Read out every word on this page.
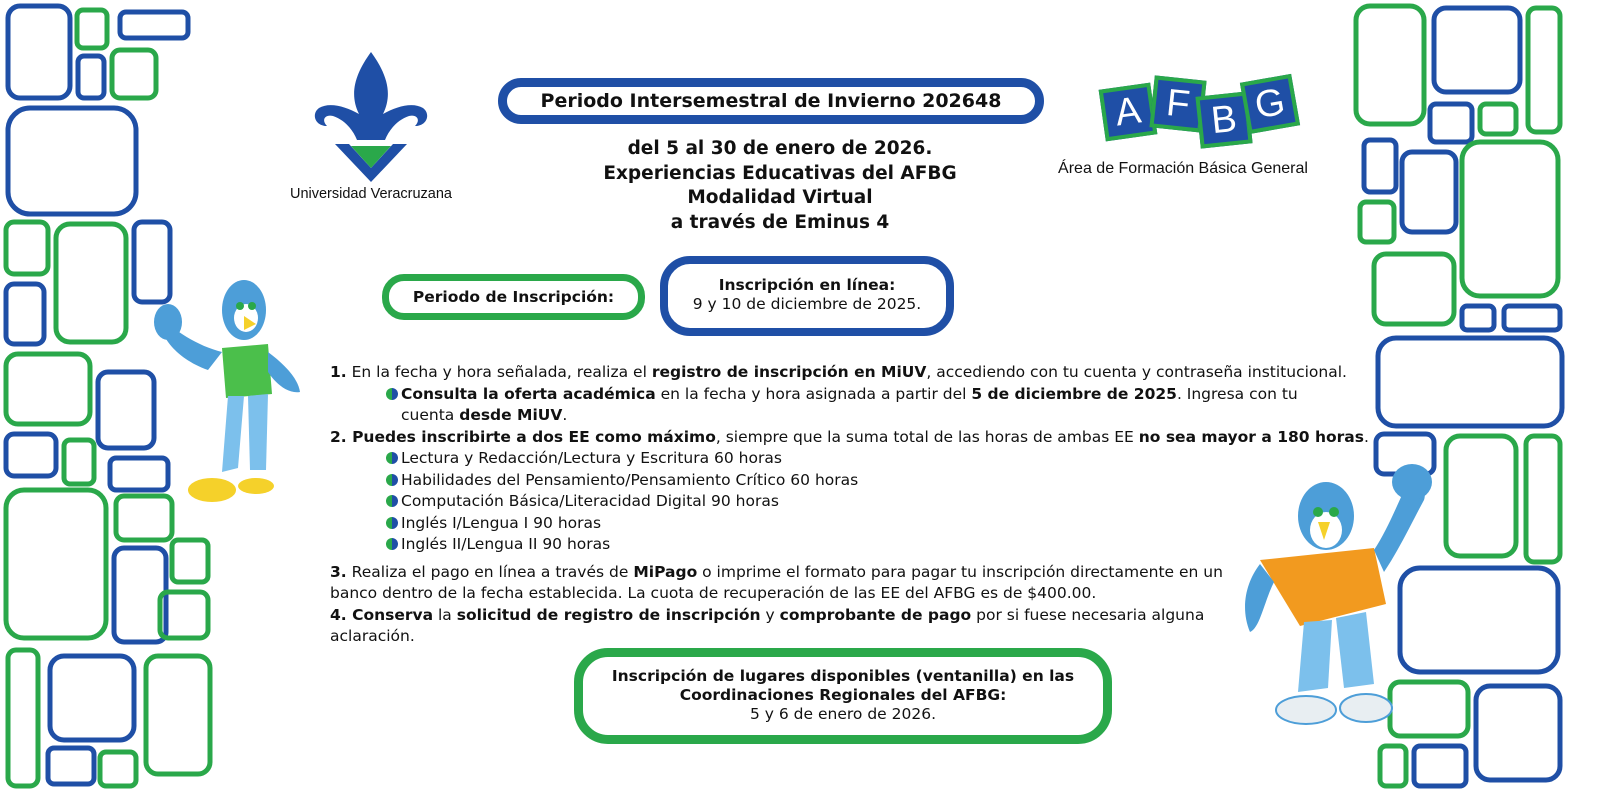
Universidad Veracruzana
A F B G
Área de Formación Básica General
Periodo Intersemestral de Invierno 202648
del 5 al 30 de enero de 2026.
Experiencias Educativas del AFBG
Modalidad Virtual
a través de Eminus 4
Periodo de Inscripción:
Inscripción en línea:
9 y 10 de diciembre de 2025.

1. En la fecha y hora señalada, realiza el registro de inscripción en MiUV, accediendo con tu cuenta y contraseña institucional.

Consulta la oferta académica en la fecha y hora asignada a partir del 5 de diciembre de 2025. Ingresa con tu

cuenta desde MiUV.

2. Puedes inscribirte a dos EE como máximo, siempre que la suma total de las horas de ambas EE no sea mayor a 180 horas.

Lectura y Redacción/Lectura y Escritura 60 horas

Habilidades del Pensamiento/Pensamiento Crítico 60 horas

Computación Básica/Literacidad Digital 90 horas

Inglés I/Lengua I 90 horas

Inglés II/Lengua II 90 horas

3. Realiza el pago en línea a través de MiPago o imprime el formato para pagar tu inscripción directamente en un

banco dentro de la fecha establecida. La cuota de recuperación de las EE del AFBG es de $400.00.

4. Conserva la solicitud de registro de inscripción y comprobante de pago por si fuese necesaria alguna

aclaración.

Inscripción de lugares disponibles (ventanilla) en las
Coordinaciones Regionales del AFBG:
5 y 6 de enero de 2026.
